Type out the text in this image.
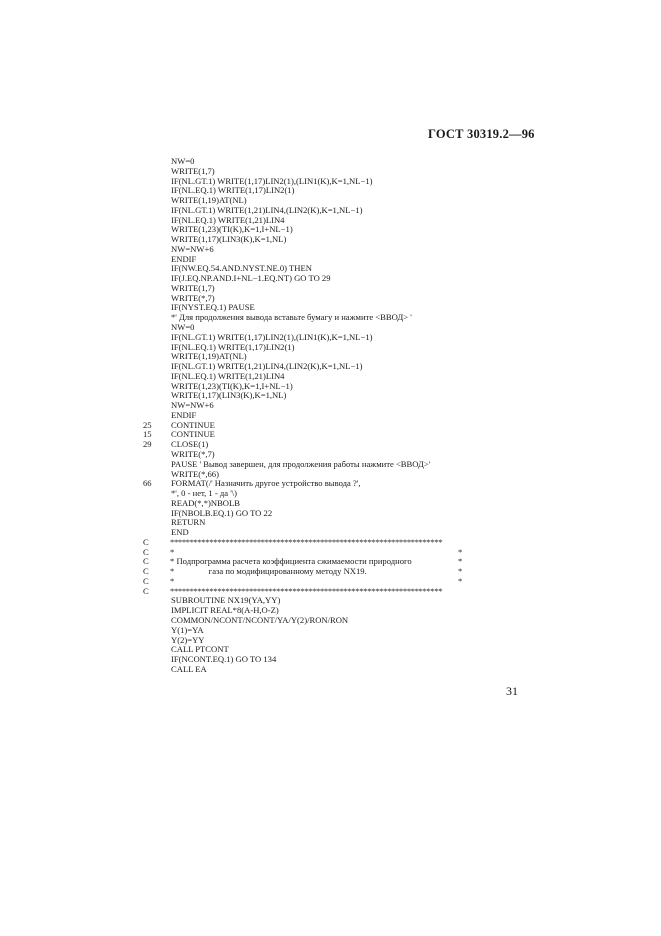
ГОСТ 30319.2—96
NW=0
WRITE(1,7)
IF(NL.GT.1) WRITE(1,17)LIN2(1),(LIN1(K),K=1,NL−1)
IF(NL.EQ.1) WRITE(1,17)LIN2(1)
WRITE(1,19)AT(NL)
IF(NL.GT.1) WRITE(1,21)LIN4,(LIN2(K),K=1,NL−1)
IF(NL.EQ.1) WRITE(1,21)LIN4
WRITE(1,23)(TI(K),K=1,I+NL−1)
WRITE(1,17)(LIN3(K),K=1,NL)
NW=NW+6
ENDIF
IF(NW.EQ.54.AND.NYST.NE.0) THEN
IF(J.EQ.NP.AND.I+NL−1.EQ.NT) GO TO 29
WRITE(1,7)
WRITE(*,7)
IF(NYST.EQ.1) PAUSE
*' Для продолжения вывода вставьте бумагу и нажмите <ВВОД> '
NW=0
IF(NL.GT.1) WRITE(1,17)LIN2(1),(LIN1(K),K=1,NL−1)
IF(NL.EQ.1) WRITE(1,17)LIN2(1)
WRITE(1,19)AT(NL)
IF(NL.GT.1) WRITE(1,21)LIN4,(LIN2(K),K=1,NL−1)
IF(NL.EQ.1) WRITE(1,21)LIN4
WRITE(1,23)(TI(K),K=1,I+NL−1)
WRITE(1,17)(LIN3(K),K=1,NL)
NW=NW+6
ENDIF
25 CONTINUE
15 CONTINUE
29 CLOSE(1)
WRITE(*,7)
PAUSE ' Вывод завершен, для продолжения работы нажмите <ВВОД>'
WRITE(*,66)
66 FORMAT(/' Назначить другое устройство вывода ?',
*', 0 - нет, 1 - да '\)
READ(*,*)NBOLB
IF(NBOLB.EQ.1) GO TO 22
RETURN
END
C *********************************************************************
C *	*
C * Подпрограмма расчета коэффициента сжимаемости природного	*
C *                газа по модифицированному методу NX19.	*
C *	*
C *********************************************************************
SUBROUTINE NX19(YA,YY)
IMPLICIT REAL*8(A-H,O-Z)
COMMON/NCONT/NCONT/YA/Y(2)/RON/RON
Y(1)=YA
Y(2)=YY
CALL PTCONT
IF(NCONT.EQ.1) GO TO 134
CALL EA
31
